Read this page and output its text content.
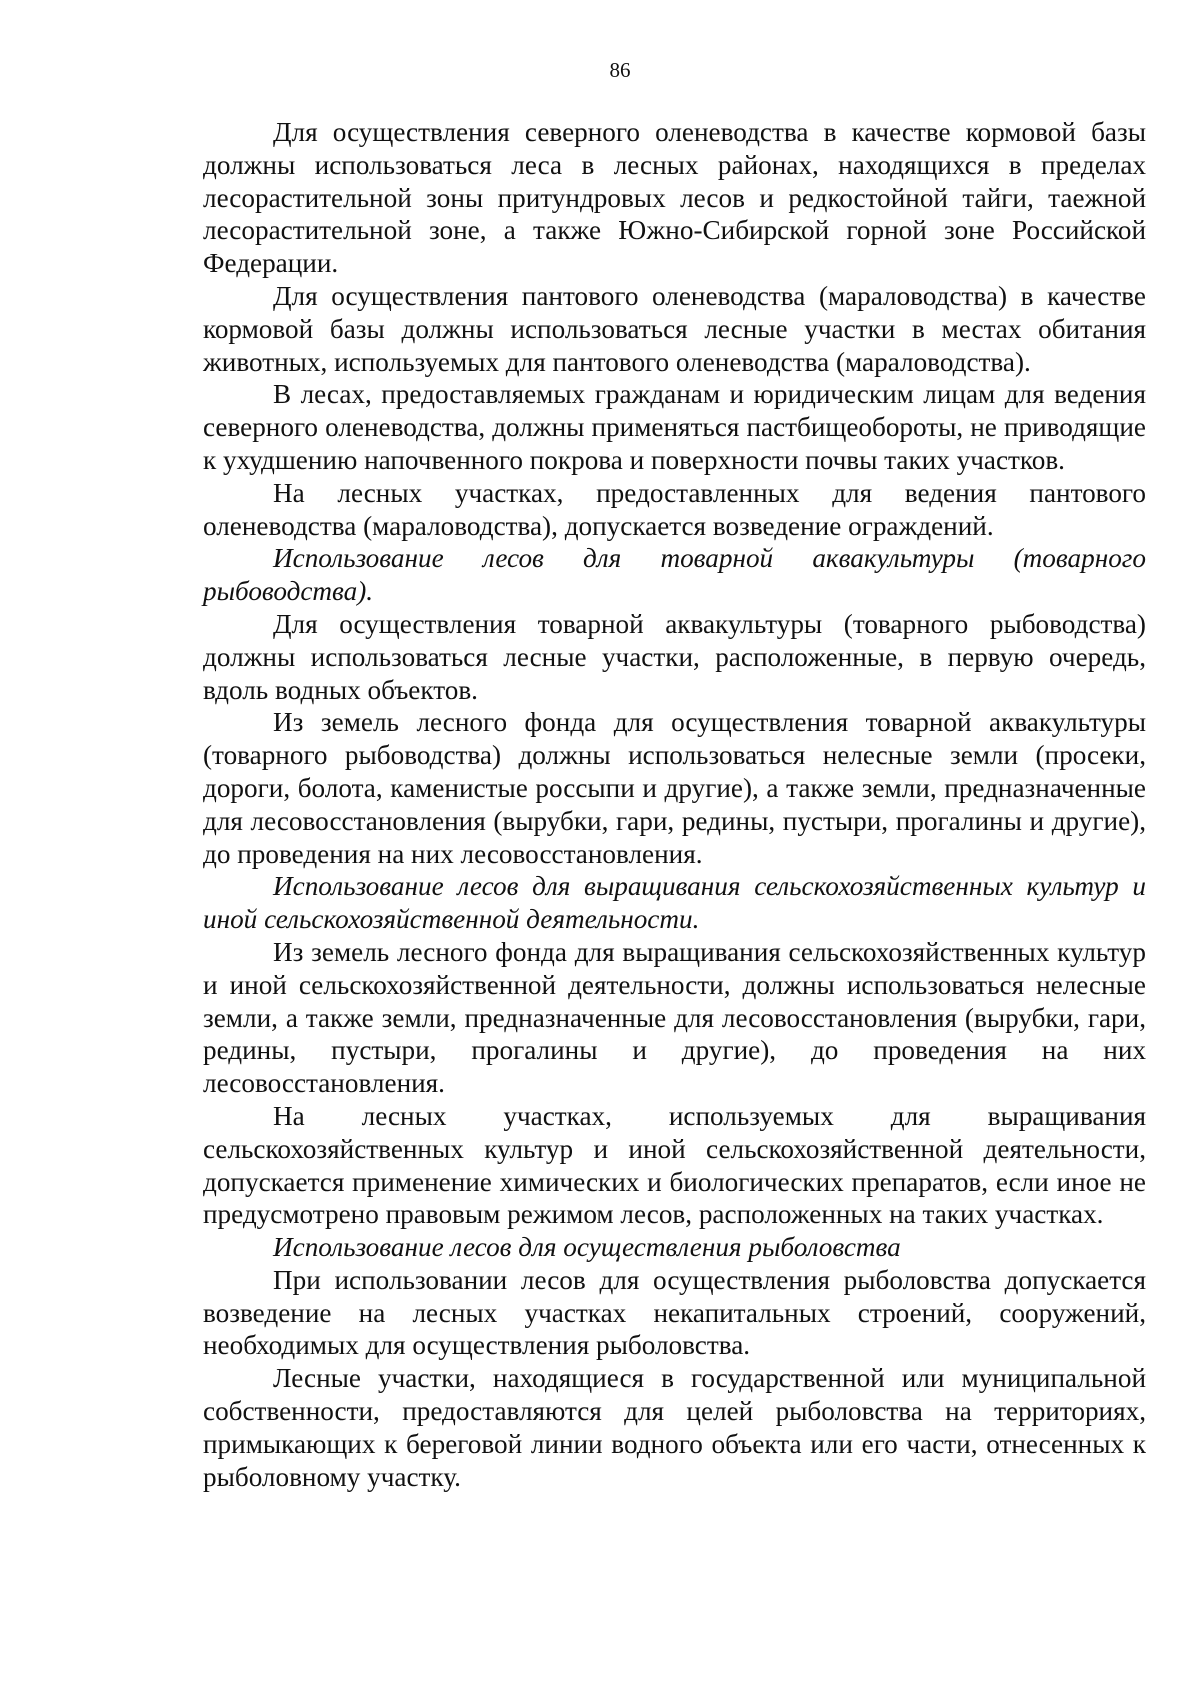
86

Для осуществления северного оленеводства в качестве кормовой базы должны использоваться леса в лесных районах, находящихся в пределах лесорастительной зоны притундровых лесов и редкостойной тайги, таежной лесорастительной зоне, а также Южно-Сибирской горной зоне Российской Федерации.

Для осуществления пантового оленеводства (мараловодства) в качестве кормовой базы должны использоваться лесные участки в местах обитания животных, используемых для пантового оленеводства (мараловодства).

В лесах, предоставляемых гражданам и юридическим лицам для ведения северного оленеводства, должны применяться пастбищеобороты, не приводящие к ухудшению напочвенного покрова и поверхности почвы таких участков.

На лесных участках, предоставленных для ведения пантового оленеводства (мараловодства), допускается возведение ограждений.

Использование лесов для товарной аквакультуры (товарного рыбоводства).

Для осуществления товарной аквакультуры (товарного рыбоводства) должны использоваться лесные участки, расположенные, в первую очередь, вдоль водных объектов.

Из земель лесного фонда для осуществления товарной аквакультуры (товарного рыбоводства) должны использоваться нелесные земли (просеки, дороги, болота, каменистые россыпи и другие), а также земли, предназначенные для лесовосстановления (вырубки, гари, редины, пустыри, прогалины и другие), до проведения на них лесовосстановления.

Использование лесов для выращивания сельскохозяйственных культур и иной сельскохозяйственной деятельности.

Из земель лесного фонда для выращивания сельскохозяйственных культур и иной сельскохозяйственной деятельности, должны использоваться нелесные земли, а также земли, предназначенные для лесовосстановления (вырубки, гари, редины, пустыри, прогалины и другие), до проведения на них лесовосстановления.

На лесных участках, используемых для выращивания сельскохозяйственных культур и иной сельскохозяйственной деятельности, допускается применение химических и биологических препаратов, если иное не предусмотрено правовым режимом лесов, расположенных на таких участках.

Использование лесов для осуществления рыболовства

При использовании лесов для осуществления рыболовства допускается возведение на лесных участках некапитальных строений, сооружений, необходимых для осуществления рыболовства.

Лесные участки, находящиеся в государственной или муниципальной собственности, предоставляются для целей рыболовства на территориях, примыкающих к береговой линии водного объекта или его части, отнесенных к рыболовному участку.
